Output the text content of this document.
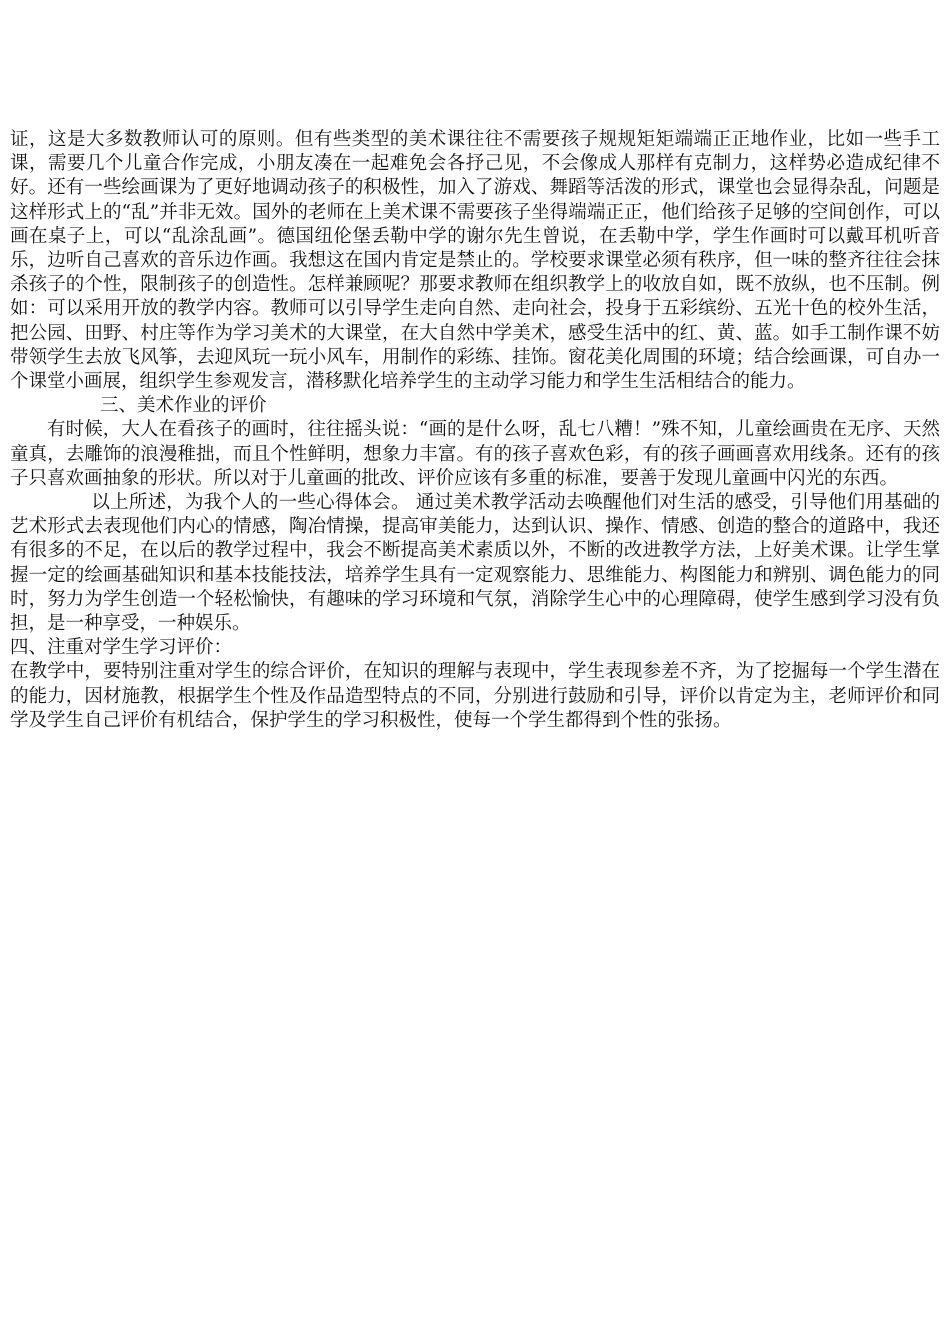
证，这是大多数教师认可的原则。但有些类型的美术课往往不需要孩子规规矩矩端端正正地作业，比如一些手工课，需要几个儿童合作完成，小朋友凑在一起难免会各抒己见，不会像成人那样有克制力，这样势必造成纪律不好。还有一些绘画课为了更好地调动孩子的积极性，加入了游戏、舞蹈等活泼的形式，课堂也会显得杂乱，问题是这样形式上的“乱”并非无效。国外的老师在上美术课不需要孩子坐得端端正正，他们给孩子足够的空间创作，可以画在桌子上，可以“乱涂乱画”。德国纽伦堡丢勒中学的谢尔先生曾说，在丢勒中学，学生作画时可以戴耳机听音乐，边听自己喜欢的音乐边作画。我想这在国内肯定是禁止的。学校要求课堂必须有秩序，但一味的整齐往往会抹杀孩子的个性，限制孩子的创造性。怎样兼顾呢？那要求教师在组织教学上的收放自如，既不放纵，也不压制。例如：可以采用开放的教学内容。教师可以引导学生走向自然、走向社会，投身于五彩缤纷、五光十色的校外生活，把公园、田野、村庄等作为学习美术的大课堂，在大自然中学美术，感受生活中的红、黄、蓝。如手工制作课不妨带领学生去放飞风筝，去迎风玩一玩小风车，用制作的彩练、挂饰。窗花美化周围的环境；结合绘画课，可自办一个课堂小画展，组织学生参观发言，潜移默化培养学生的主动学习能力和学生生活相结合的能力。

三、美术作业的评价

有时候，大人在看孩子的画时，往往摇头说：“画的是什么呀，乱七八糟！”殊不知，儿童绘画贵在无序、天然童真，去雕饰的浪漫稚拙，而且个性鲜明，想象力丰富。有的孩子喜欢色彩，有的孩子画画喜欢用线条。还有的孩子只喜欢画抽象的形状。所以对于儿童画的批改、评价应该有多重的标准，要善于发现儿童画中闪光的东西。

以上所述，为我个人的一些心得体会。 通过美术教学活动去唤醒他们对生活的感受，引导他们用基础的艺术形式去表现他们内心的情感，陶冶情操，提高审美能力，达到认识、操作、情感、创造的整合的道路中，我还有很多的不足，在以后的教学过程中，我会不断提高美术素质以外，不断的改进教学方法，上好美术课。让学生掌握一定的绘画基础知识和基本技能技法，培养学生具有一定观察能力、思维能力、构图能力和辨别、调色能力的同时，努力为学生创造一个轻松愉快，有趣味的学习环境和气氛，消除学生心中的心理障碍，使学生感到学习没有负担，是一种享受，一种娱乐。

四、注重对学生学习评价：

在教学中，要特别注重对学生的综合评价，在知识的理解与表现中，学生表现参差不齐，为了挖掘每一个学生潜在的能力，因材施教，根据学生个性及作品造型特点的不同，分别进行鼓励和引导，评价以肯定为主，老师评价和同学及学生自己评价有机结合，保护学生的学习积极性，使每一个学生都得到个性的张扬。
